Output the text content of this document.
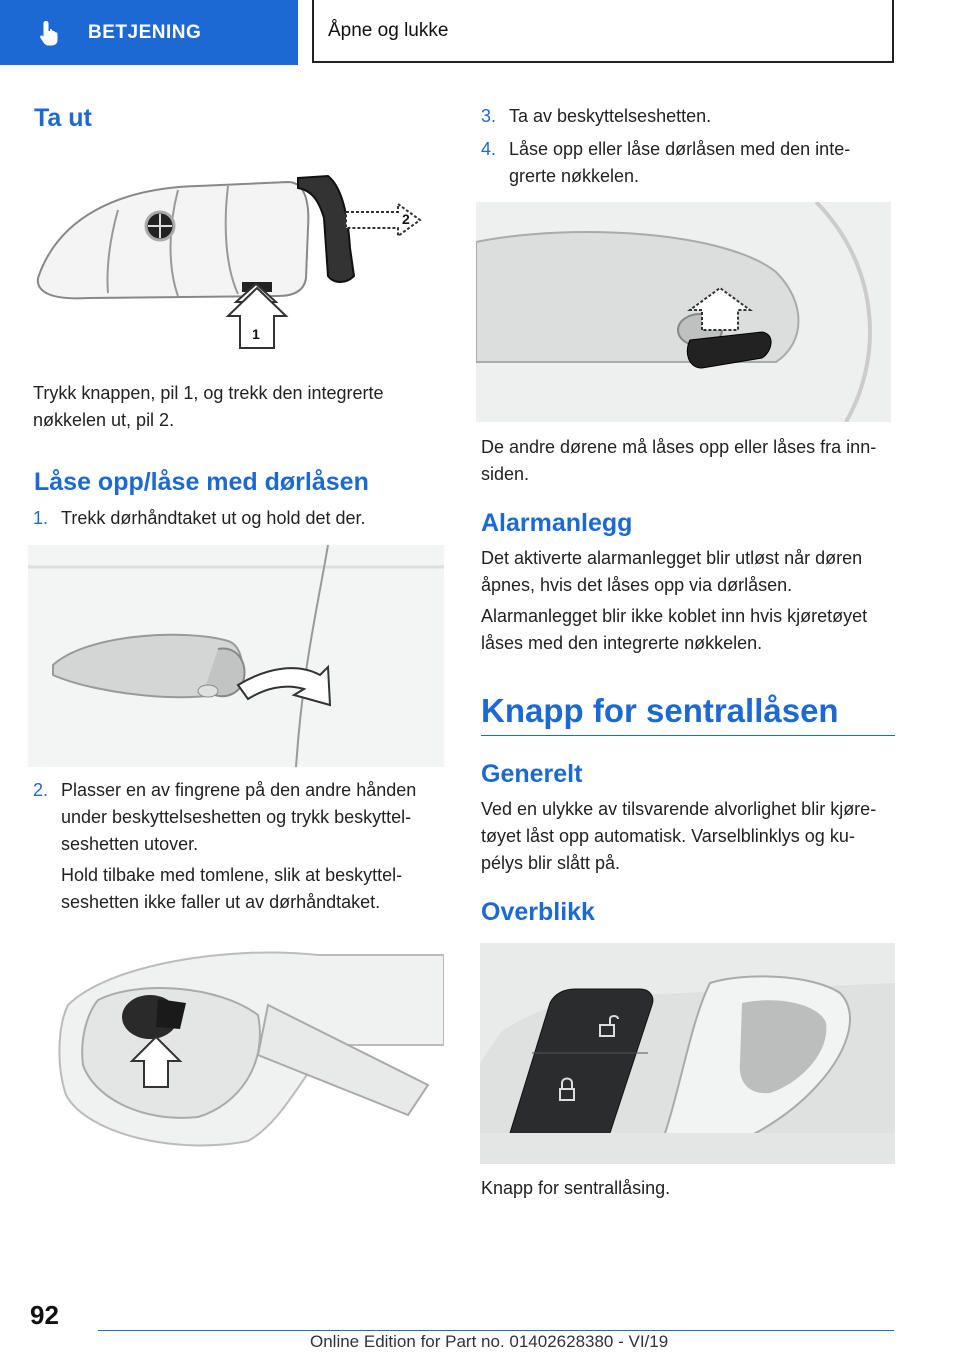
BETJENING	Åpne og lukke
Ta ut
2
1

Trykk knappen, pil 1, og trekk den integrerte
nøkkelen ut, pil 2.

Låse opp/låse med dørlåsen
1. Trekk dørhåndtaket ut og hold det der.
2. Plasser en av fingrene på den andre hånden
under beskyttelseshetten og trykk beskyttel-
seshetten utover.

Hold tilbake med tomlene, slik at beskyttel-
seshetten ikke faller ut av dørhåndtaket.
3. Ta av beskyttelseshetten.
4. Låse opp eller låse dørlåsen med den inte-
grerte nøkkelen.

De andre dørene må låses opp eller låses fra inn-
siden.

Alarmanlegg

Det aktiverte alarmanlegget blir utløst når døren
åpnes, hvis det låses opp via dørlåsen.

Alarmanlegget blir ikke koblet inn hvis kjøretøyet
låses med den integrerte nøkkelen.

Knapp for sentrallåsen
Generelt

Ved en ulykke av tilsvarende alvorlighet blir kjøre-
tøyet låst opp automatisk. Varselblinklys og ku-
pélys blir slått på.

Overblikk

Knapp for sentrallåsing.

92
Online Edition for Part no. 01402628380 - VI/19
